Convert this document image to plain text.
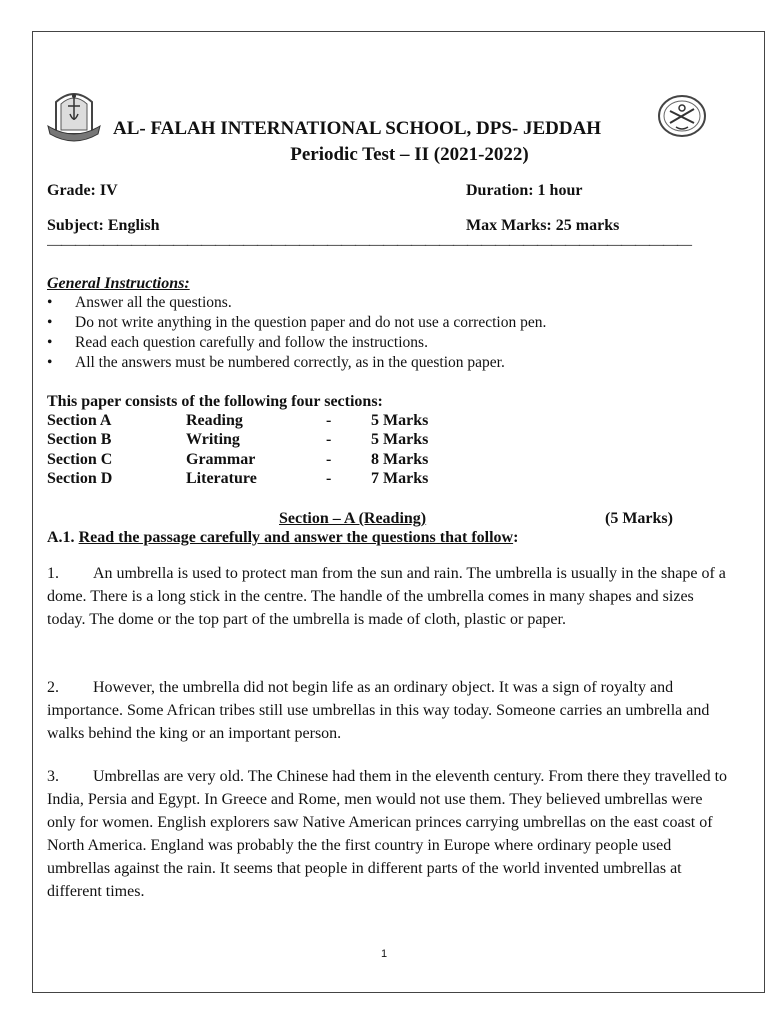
AL- FALAH INTERNATIONAL SCHOOL, DPS- JEDDAH
Periodic Test – II (2021-2022)
Grade: IV	Duration: 1 hour
Subject: English	Max Marks: 25 marks
——————————————————————————————————————————————
General Instructions:
• Answer all the questions.
• Do not write anything in the question paper and do not use a correction pen.
• Read each question carefully and follow the instructions.
• All the answers must be numbered correctly, as in the question paper.
This paper consists of the following four sections:
Section A	Reading	-	5 Marks
Section B	Writing	-	5 Marks
Section C	Grammar	-	8 Marks
Section D	Literature	-	7 Marks
Section – A (Reading)	(5 Marks)
A.1. Read the passage carefully and answer the questions that follow:

1. An umbrella is used to protect man from the sun and rain. The umbrella is usually in the shape of a dome. There is a long stick in the centre. The handle of the umbrella comes in many shapes and sizes today. The dome or the top part of the umbrella is made of cloth, plastic or paper.

2. However, the umbrella did not begin life as an ordinary object. It was a sign of royalty and importance. Some African tribes still use umbrellas in this way today. Someone carries an umbrella and walks behind the king or an important person.

3. Umbrellas are very old. The Chinese had them in the eleventh century. From there they travelled to India, Persia and Egypt. In Greece and Rome, men would not use them. They believed umbrellas were only for women. English explorers saw Native American princes carrying umbrellas on the east coast of North America. England was probably the the first country in Europe where ordinary people used umbrellas against the rain. It seems that people in different parts of the world invented umbrellas at different times.

1
